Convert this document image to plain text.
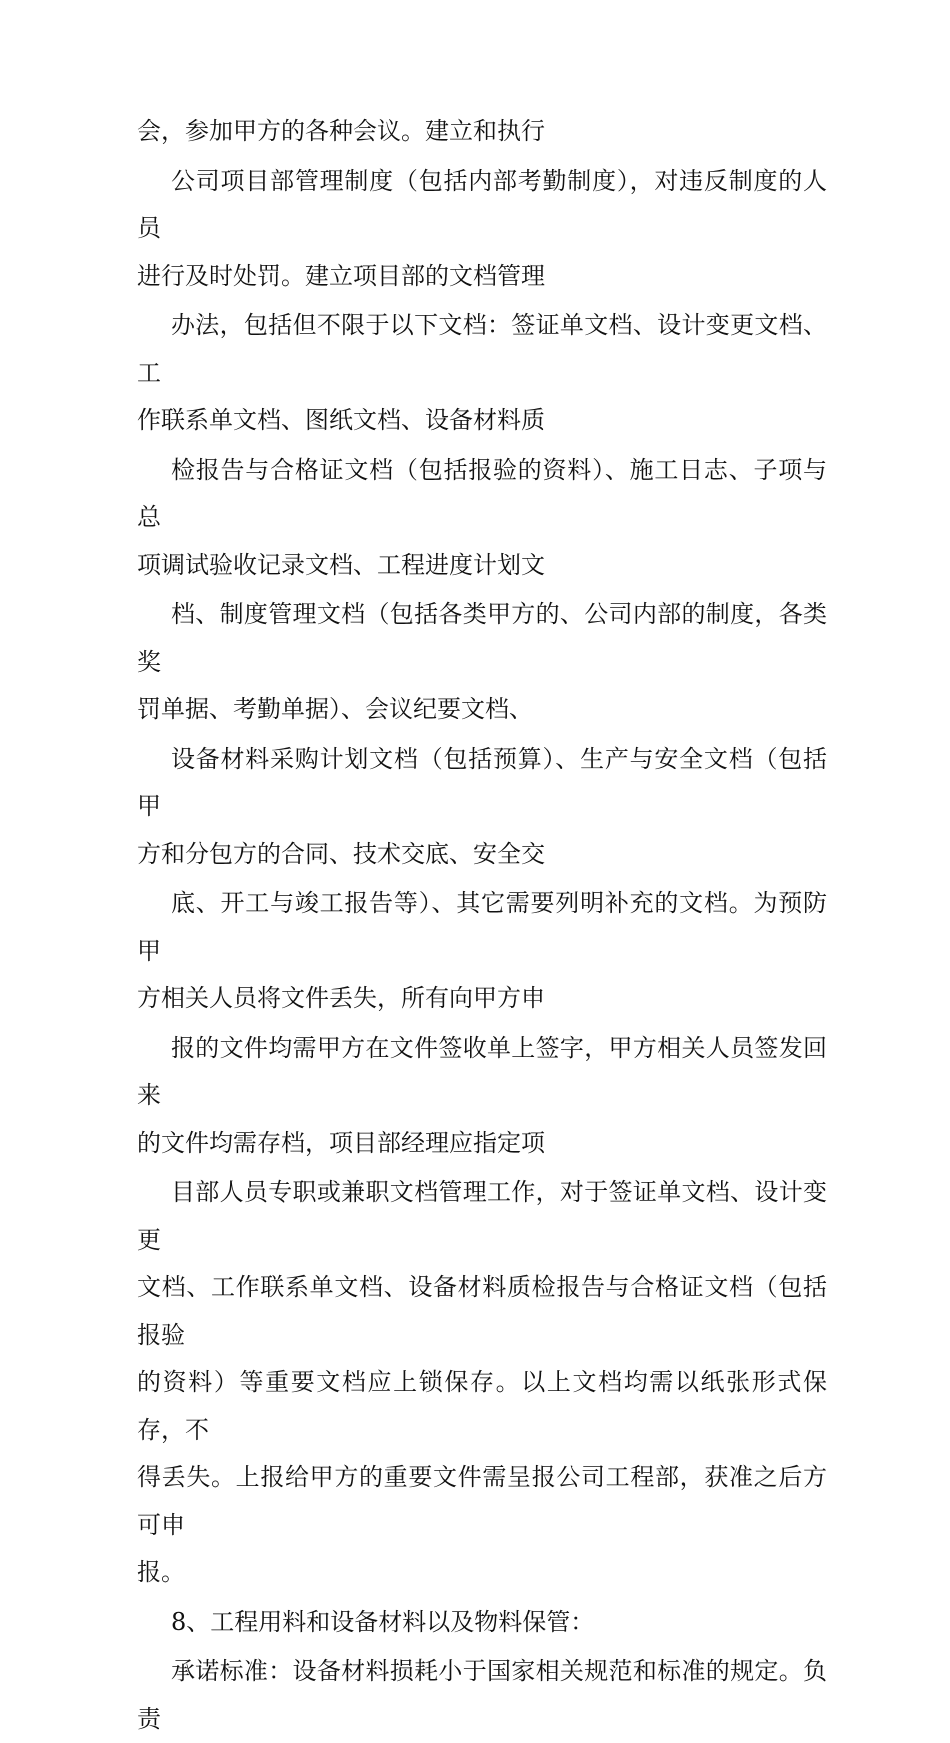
会，参加甲方的各种会议。建立和执行

公司项目部管理制度（包括内部考勤制度），对违反制度的人员
进行及时处罚。建立项目部的文档管理

办法，包括但不限于以下文档：签证单文档、设计变更文档、工
作联系单文档、图纸文档、设备材料质

检报告与合格证文档（包括报验的资料）、施工日志、子项与总
项调试验收记录文档、工程进度计划文

档、制度管理文档（包括各类甲方的、公司内部的制度，各类奖
罚单据、考勤单据）、会议纪要文档、

设备材料采购计划文档（包括预算）、生产与安全文档（包括甲
方和分包方的合同、技术交底、安全交

底、开工与竣工报告等）、其它需要列明补充的文档。为预防甲
方相关人员将文件丢失，所有向甲方申

报的文件均需甲方在文件签收单上签字，甲方相关人员签发回来
的文件均需存档，项目部经理应指定项

目部人员专职或兼职文档管理工作，对于签证单文档、设计变更
文档、工作联系单文档、设备材料质检报告与合格证文档（包括报验
的资料）等重要文档应上锁保存。以上文档均需以纸张形式保存，不
得丢失。上报给甲方的重要文件需呈报公司工程部，获准之后方可申
报。

8、工程用料和设备材料以及物料保管：

承诺标准：设备材料损耗小于国家相关规范和标准的规定。负责
